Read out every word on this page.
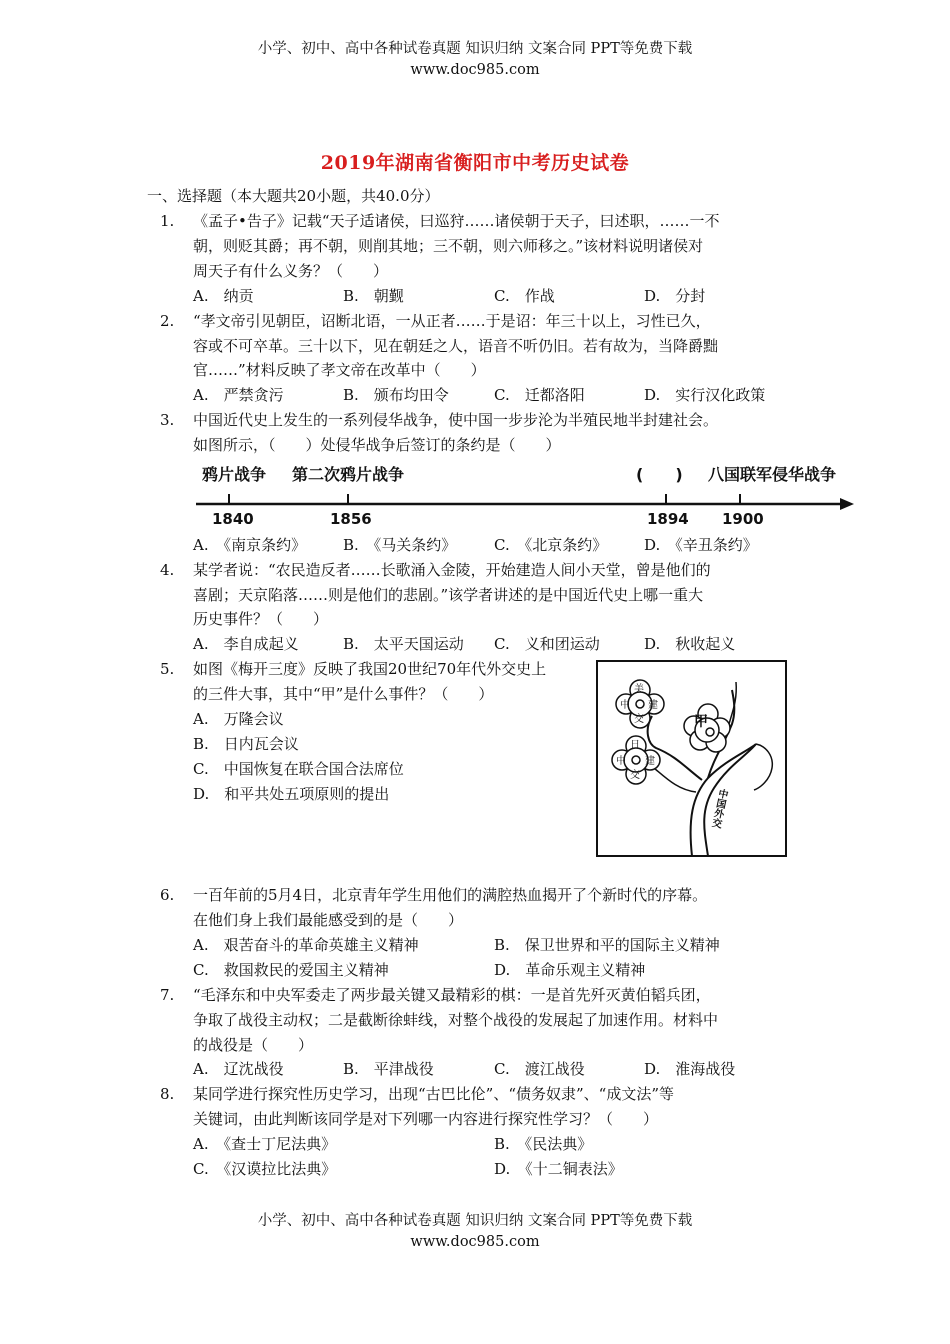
小学、初中、高中各种试卷真题 知识归纳 文案合同 PPT等免费下载
www.doc985.com
2019年湖南省衡阳市中考历史试卷
一、选择题（本大题共20小题，共40.0分）
1. 《孟子•告子》记载“天子适诸侯，曰巡狩……诸侯朝于天子，曰述职，……一不
朝，则贬其爵；再不朝，则削其地；三不朝，则六师移之。”该材料说明诸侯对
周天子有什么义务？（　　）
A.　纳贡	B.　朝觐	C.　作战	D.　分封
2. “孝文帝引见朝臣，诏断北语，一从正者……于是诏：年三十以上，习性已久，
容或不可卒革。三十以下，见在朝廷之人，语音不听仍旧。若有故为，当降爵黜
官……”材料反映了孝文帝在改革中（　　）
A.　严禁贪污	B.　颁布均田令	C.　迁都洛阳	D.　实行汉化政策
3. 中国近代史上发生的一系列侵华战争，使中国一步步沦为半殖民地半封建社会。
如图所示，（　　）处侵华战争后签订的条约是（　　）
鸦片战争 第二次鸦片战争	(　　) 八国联军侵华战争
1840	1856	1894 1900
A.　《南京条约》 B.　《马关条约》	C.　《北京条约》 D.　《辛丑条约》
4. 某学者说：“农民造反者……长歌涌入金陵，开始建造人间小天堂，曾是他们的
喜剧；天京陷落……则是他们的悲剧。”该学者讲述的是中国近代史上哪一重大
历史事件？（　　）
A.　李自成起义	B.　太平天国运动 C.　义和团运动	D.　秋收起义
5. 如图《梅开三度》反映了我国20世纪70年代外交史上
的三件大事，其中“甲”是什么事件？（　　）
A.　万隆会议
B.　日内瓦会议
C.　中国恢复在联合国合法席位
D.　和平共处五项原则的提出
美
中 建
交	甲
日
中 建
交
中国外交
6. 一百年前的5月4日，北京青年学生用他们的满腔热血揭开了个新时代的序幕。
在他们身上我们最能感受到的是（　　）
A.　艰苦奋斗的革命英雄主义精神	B.　保卫世界和平的国际主义精神
C.　救国救民的爱国主义精神	D.　革命乐观主义精神
7. “毛泽东和中央军委走了两步最关键又最精彩的棋：一是首先歼灭黄伯韬兵团，
争取了战役主动权；二是截断徐蚌线，对整个战役的发展起了加速作用。材料中
的战役是（　　）
A.　辽沈战役	B.　平津战役	C.　渡江战役	D.　淮海战役
8. 某同学进行探究性历史学习，出现“古巴比伦”、“债务奴隶”、“成文法”等
关键词，由此判断该同学是对下列哪一内容进行探究性学习？（　　）
A.　《查士丁尼法典》	B.　《民法典》
C.　《汉谟拉比法典》	D.　《十二铜表法》
小学、初中、高中各种试卷真题 知识归纳 文案合同 PPT等免费下载
www.doc985.com
